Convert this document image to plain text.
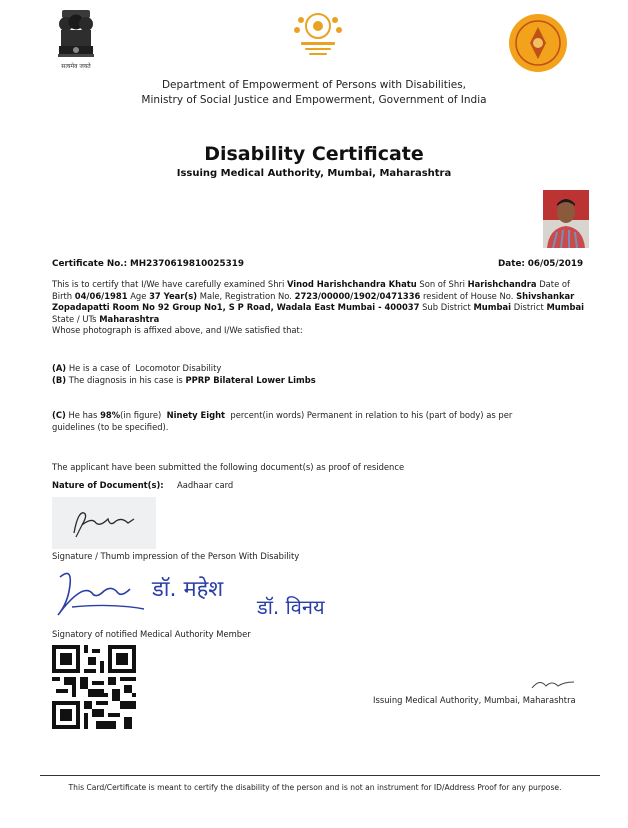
सत्यमेव जयते
Department of Empowerment of Persons with Disabilities,
Ministry of Social Justice and Empowerment, Government of India
Disability Certificate
Issuing Medical Authority, Mumbai, Maharashtra
Certificate No.: MH2370619810025319	Date: 06/05/2019
This is to certify that I/We have carefully examined Shri Vinod Harishchandra Khatu Son of Shri Harishchandra Date of Birth 04/06/1981 Age 37 Year(s) Male, Registration No. 2723/00000/1902/0471336 resident of House No. Shivshankar Zopadapatti Room No 92 Group No1, S P Road, Wadala East Mumbai - 400037 Sub District Mumbai District Mumbai State / UTs Maharashtra
Whose photograph is affixed above, and I/We satisfied that:
(A) He is a case of Locomotor Disability
(B) The diagnosis in his case is PPRP Bilateral Lower Limbs
(C) He has 98%(in figure) Ninety Eight percent(in words) Permanent in relation to his (part of body) as per
guidelines (to be specified).
The applicant have been submitted the following document(s) as proof of residence
Nature of Document(s): Aadhaar card
Signature / Thumb impression of the Person With Disability
डॉ. महेश
डॉ. विनय
Signatory of notified Medical Authority Member
Issuing Medical Authority, Mumbai, Maharashtra
This Card/Certificate is meant to certify the disability of the person and is not an instrument for ID/Address Proof for any purpose.
